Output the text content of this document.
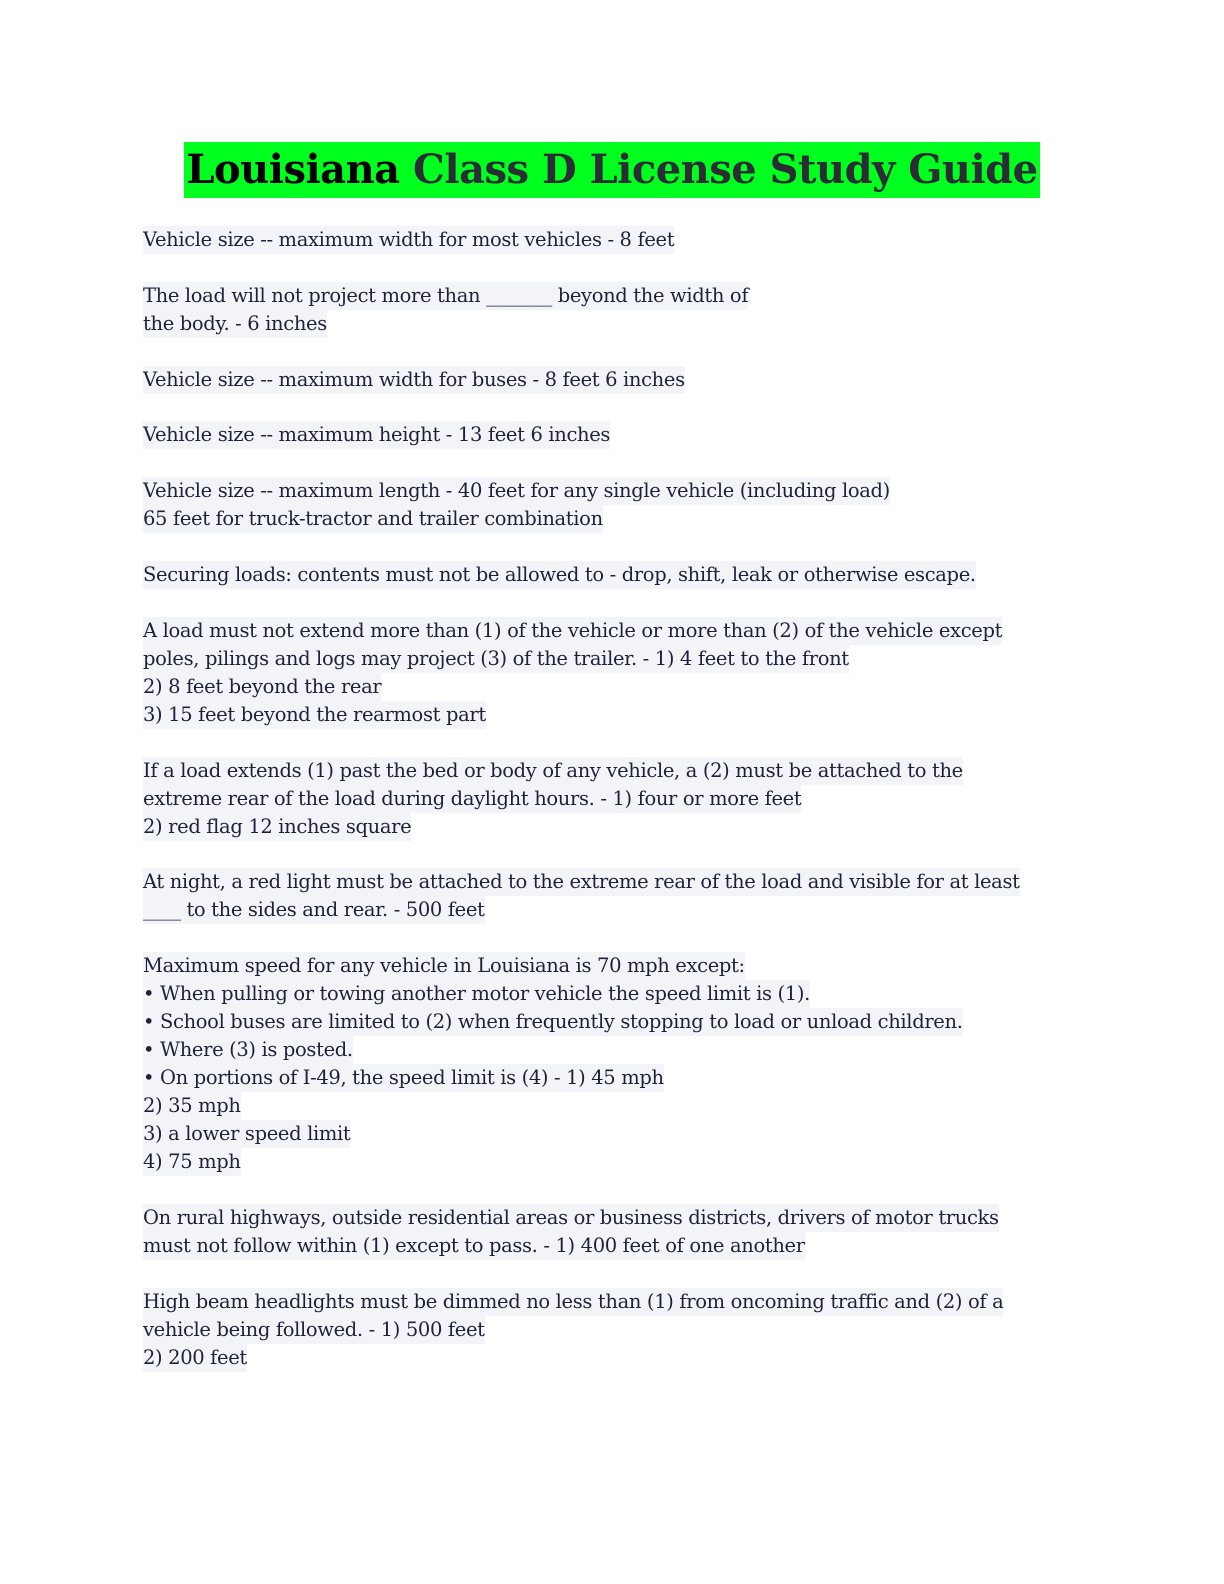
Louisiana Class D License Study Guide
Vehicle size -- maximum width for most vehicles - 8 feet
The load will not project more than _______ beyond the width of
the body. - 6 inches
Vehicle size -- maximum width for buses - 8 feet 6 inches
Vehicle size -- maximum height - 13 feet 6 inches
Vehicle size -- maximum length - 40 feet for any single vehicle (including load)
65 feet for truck-tractor and trailer combination
Securing loads: contents must not be allowed to - drop, shift, leak or otherwise escape.
A load must not extend more than (1) of the vehicle or more than (2) of the vehicle except
poles, pilings and logs may project (3) of the trailer. - 1) 4 feet to the front
2) 8 feet beyond the rear
3) 15 feet beyond the rearmost part
If a load extends (1) past the bed or body of any vehicle, a (2) must be attached to the
extreme rear of the load during daylight hours. - 1) four or more feet
2) red flag 12 inches square
At night, a red light must be attached to the extreme rear of the load and visible for at least
____ to the sides and rear. - 500 feet
Maximum speed for any vehicle in Louisiana is 70 mph except:
• When pulling or towing another motor vehicle the speed limit is (1).
• School buses are limited to (2) when frequently stopping to load or unload children.
• Where (3) is posted.
• On portions of I-49, the speed limit is (4) - 1) 45 mph
2) 35 mph
3) a lower speed limit
4) 75 mph
On rural highways, outside residential areas or business districts, drivers of motor trucks
must not follow within (1) except to pass. - 1) 400 feet of one another
High beam headlights must be dimmed no less than (1) from oncoming traffic and (2) of a
vehicle being followed. - 1) 500 feet
2) 200 feet
